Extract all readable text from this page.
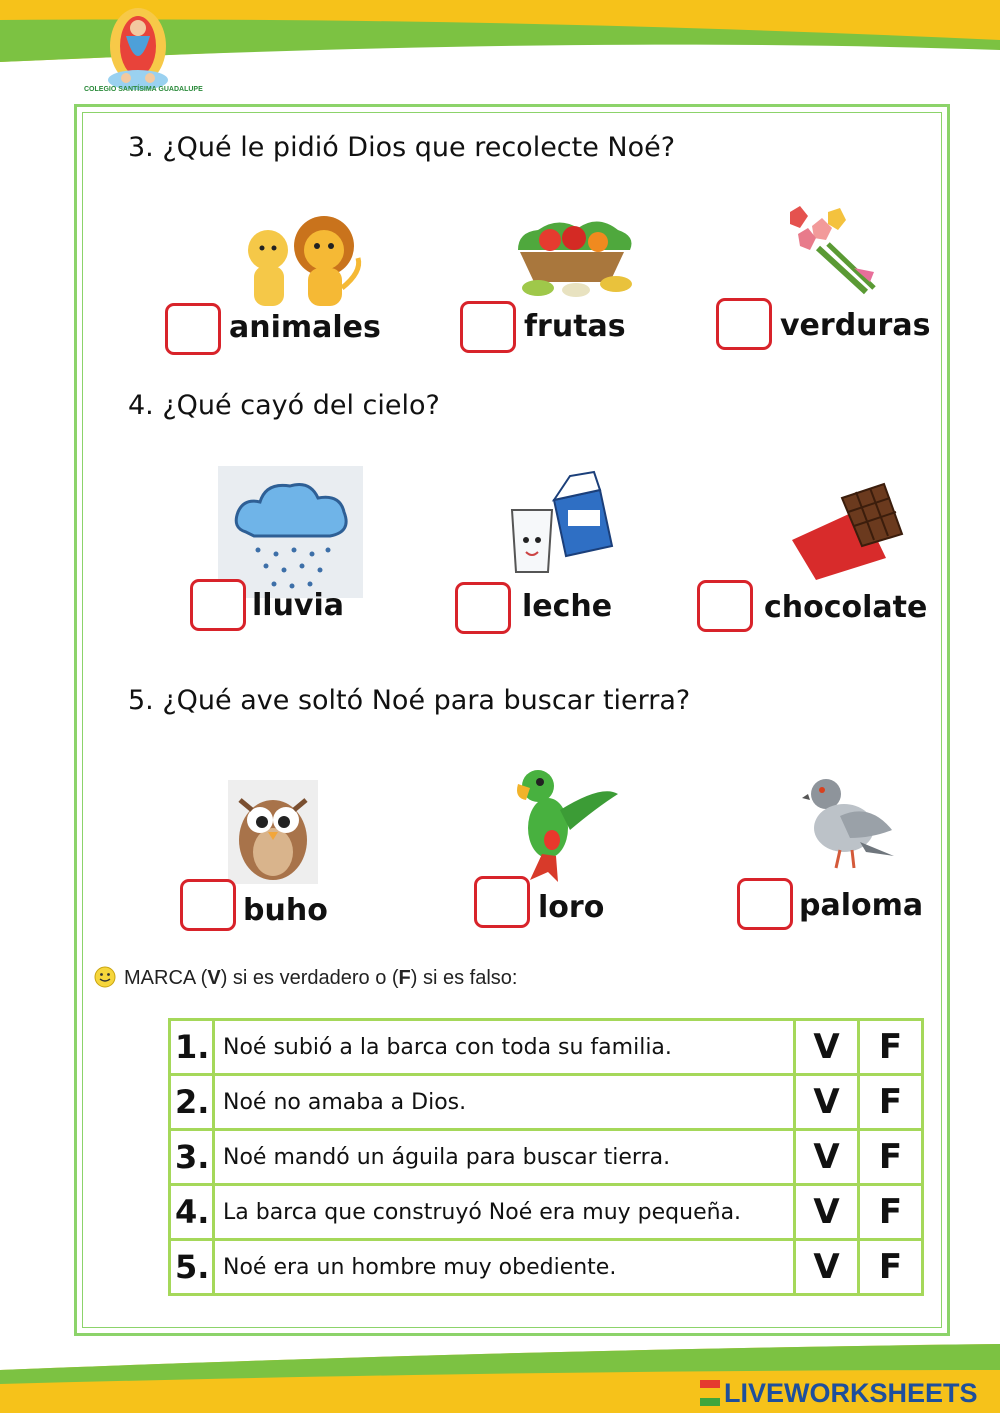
COLEGIO SANTÍSIMA GUADALUPE
3. ¿Qué le pidió Dios que recolecte Noé?
animales	frutas	verduras
4. ¿Qué cayó del cielo?
lluvia	leche	chocolate
5. ¿Qué ave soltó Noé para buscar tierra?
buho	loro	paloma
MARCA (V) si es verdadero o (F) si es falso:
1.	Noé subió a la barca con toda su familia.	V	F
2.	Noé no amaba a Dios.	V	F
3.	Noé mandó un águila para buscar tierra.	V	F
4.	La barca que construyó Noé era muy pequeña.	V	F
5.	Noé era un hombre muy obediente.	V	F
LIVEWORKSHEETS
